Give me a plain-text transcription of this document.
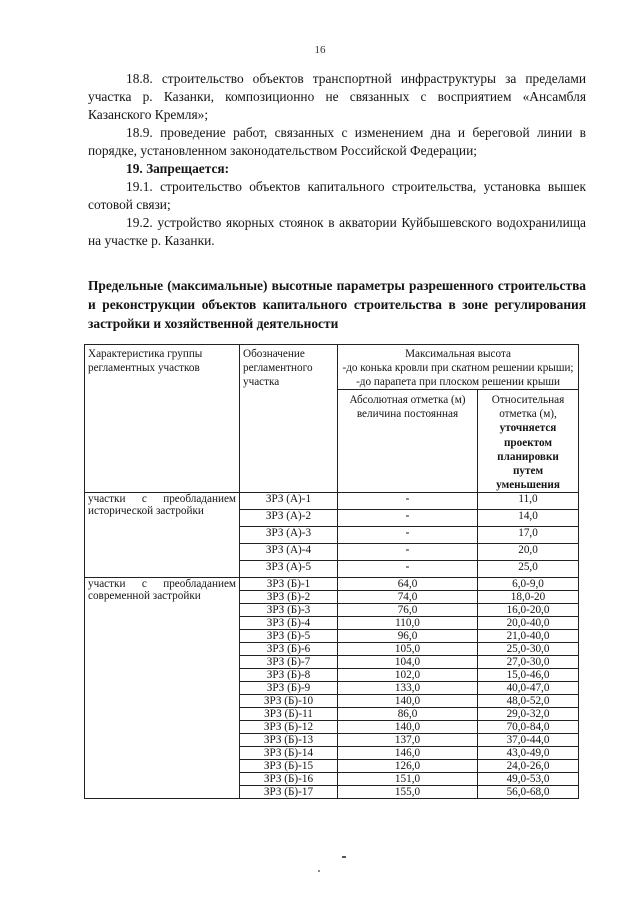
16

18.8. строительство объектов транспортной инфраструктуры за пределами участка р. Казанки, композиционно не связанных с восприятием «Ансамбля Казанского Кремля»;

18.9. проведение работ, связанных с изменением дна и береговой линии в порядке, установленном законодательством Российской Федерации;

19. Запрещается:

19.1. строительство объектов капитального строительства, установка вышек сотовой связи;

19.2. устройство якорных стоянок в акватории Куйбышевского водохранилища на участке р. Казанки.

Предельные (максимальные) высотные параметры разрешенного строительства и реконструкции объектов капитального строительства в зоне регулирования застройки и хозяйственной деятельности

Характеристика группы регламентных участков	Обозначение регламентного участка	Максимальная высота
-до конька кровли при скатном решении крыши;
-до парапета при плоском решении крыши	

		Абсолютная отметка (м) величина постоянная	Относительная отметка (м), уточняется проектом планировки путем уменьшения
участки с преобладанием исторической застройки	ЗРЗ (А)-1	-	11,0
	ЗРЗ (А)-2	-	14,0
	ЗРЗ (А)-3	-	17,0
	ЗРЗ (А)-4	-	20,0
	ЗРЗ (А)-5	-	25,0
участки с преобладанием современной застройки	ЗРЗ (Б)-1	64,0	6,0-9,0
	ЗРЗ (Б)-2	74,0	18,0-20
	ЗРЗ (Б)-3	76,0	16,0-20,0
	ЗРЗ (Б)-4	110,0	20,0-40,0
	ЗРЗ (Б)-5	96,0	21,0-40,0
	ЗРЗ (Б)-6	105,0	25,0-30,0
	ЗРЗ (Б)-7	104,0	27,0-30,0
	ЗРЗ (Б)-8	102,0	15,0-46,0
	ЗРЗ (Б)-9	133,0	40,0-47,0
	ЗРЗ (Б)-10	140,0	48,0-52,0
	ЗРЗ (Б)-11	86,0	29,0-32,0
	ЗРЗ (Б)-12	140,0	70,0-84,0
	ЗРЗ (Б)-13	137,0	37,0-44,0
	ЗРЗ (Б)-14	146,0	43,0-49,0
	ЗРЗ (Б)-15	126,0	24,0-26,0
	ЗРЗ (Б)-16	151,0	49,0-53,0
	ЗРЗ (Б)-17	155,0	56,0-68,0
